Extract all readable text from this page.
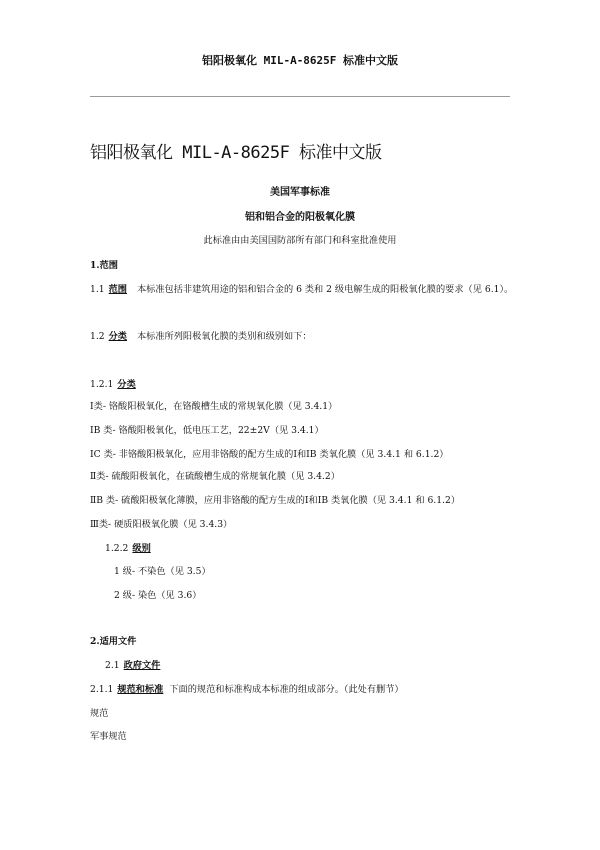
铝阳极氧化 MIL-A-8625F 标准中文版
铝阳极氧化 MIL-A-8625F 标准中文版
美国军事标准
铝和铝合金的阳极氧化膜
此标准由由美国国防部所有部门和科室批准使用
1.范围
1.1 范围 本标准包括非建筑用途的铝和铝合金的 6 类和 2 级电解生成的阳极氧化膜的要求（见 6.1）。
1.2 分类 本标准所列阳极氧化膜的类别和级别如下：
1.2.1 分类
Ⅰ类- 铬酸阳极氧化，在铬酸槽生成的常规氧化膜（见 3.4.1）
ⅠB 类- 铬酸阳极氧化，低电压工艺，22±2V（见 3.4.1）
ⅠC 类- 非铬酸阳极氧化，应用非铬酸的配方生成的Ⅰ和ⅠB 类氧化膜（见 3.4.1 和 6.1.2）
Ⅱ类- 硫酸阳极氧化，在硫酸槽生成的常规氧化膜（见 3.4.2）
ⅡB 类- 硫酸阳极氧化薄膜，应用非铬酸的配方生成的Ⅰ和ⅠB 类氧化膜（见 3.4.1 和 6.1.2）
Ⅲ类- 硬质阳极氧化膜（见 3.4.3）
1.2.2 级别
1 级- 不染色（见 3.5）
2 级- 染色（见 3.6）
2.适用文件
2.1 政府文件
2.1.1 规范和标准 下面的规范和标准构成本标准的组成部分。（此处有删节）
规范
军事规范
